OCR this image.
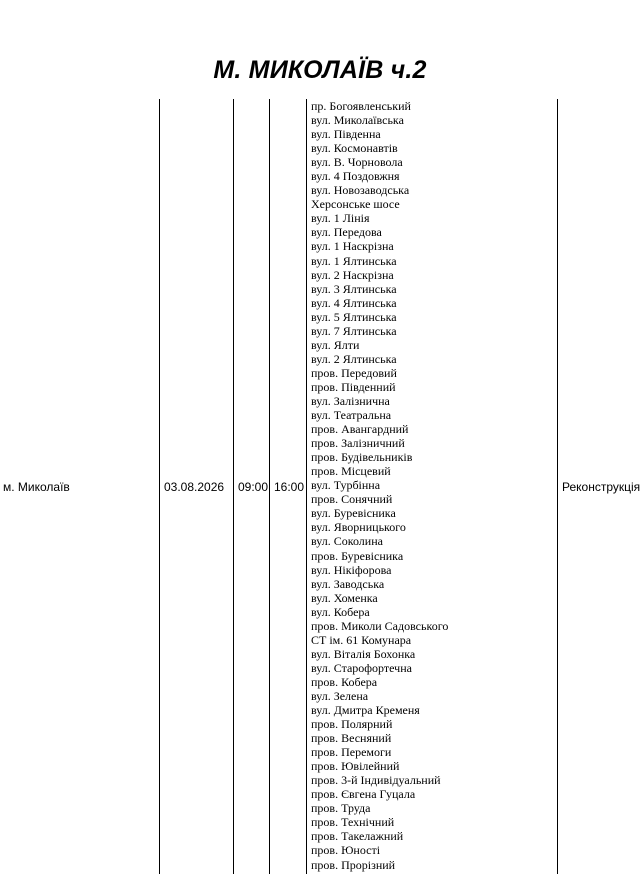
М. МИКОЛАЇВ ч.2
м. Миколаїв	03.08.2026 09:00 16:00	Реконструкція
пр. Богоявленський
вул. Миколаївська
вул. Південна
вул. Космонавтів
вул. В. Чорновола
вул. 4 Поздовжня
вул. Новозаводська
Херсонське шосе
вул. 1 Лінія
вул. Передова
вул. 1 Наскрізна
вул. 1 Ялтинська
вул. 2 Наскрізна
вул. 3 Ялтинська
вул. 4 Ялтинська
вул. 5 Ялтинська
вул. 7 Ялтинська
вул. Ялти
вул. 2 Ялтинська
пров. Передовий
пров. Південний
вул. Залізнична
вул. Театральна
пров. Авангардний
пров. Залізничний
пров. Будівельників
пров. Місцевий
вул. Турбінна
пров. Сонячний
вул. Буревісника
вул. Яворницького
вул. Соколина
пров. Буревісника
вул. Нікіфорова
вул. Заводська
вул. Хоменка
вул. Кобера
пров. Миколи Садовського
СТ ім. 61 Комунара
вул. Віталія Бохонка
вул. Старофортечна
пров. Кобера
вул. Зелена
вул. Дмитра Кременя
пров. Полярний
пров. Весняний
пров. Перемоги
пров. Ювілейний
пров. 3-й Індивідуальний
пров. Євгена Гуцала
пров. Труда
пров. Технічний
пров. Такелажний
пров. Юності
пров. Прорізний
